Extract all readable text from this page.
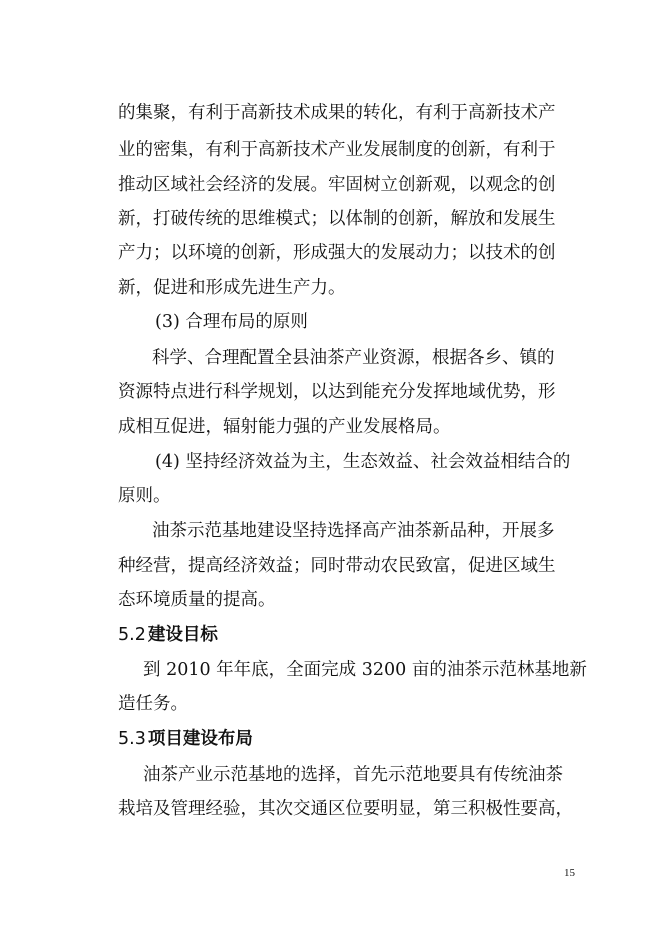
的集聚，有利于高新技术成果的转化，有利于高新技术产
业的密集，有利于高新技术产业发展制度的创新，有利于
推动区域社会经济的发展。牢固树立创新观，以观念的创
新，打破传统的思维模式；以体制的创新，解放和发展生
产力；以环境的创新，形成强大的发展动力；以技术的创
新，促进和形成先进生产力。
(3) 合理布局的原则
科学、合理配置全县油茶产业资源，根据各乡、镇的
资源特点进行科学规划，以达到能充分发挥地域优势，形
成相互促进，辐射能力强的产业发展格局。
(4) 坚持经济效益为主，生态效益、社会效益相结合的
原则。
油茶示范基地建设坚持选择高产油茶新品种，开展多
种经营，提高经济效益；同时带动农民致富，促进区域生
态环境质量的提高。
5.2 建设目标
到 2010 年年底，全面完成 3200 亩的油茶示范林基地新
造任务。
5.3 项目建设布局
油茶产业示范基地的选择，首先示范地要具有传统油茶
栽培及管理经验，其次交通区位要明显，第三积极性要高，
15
